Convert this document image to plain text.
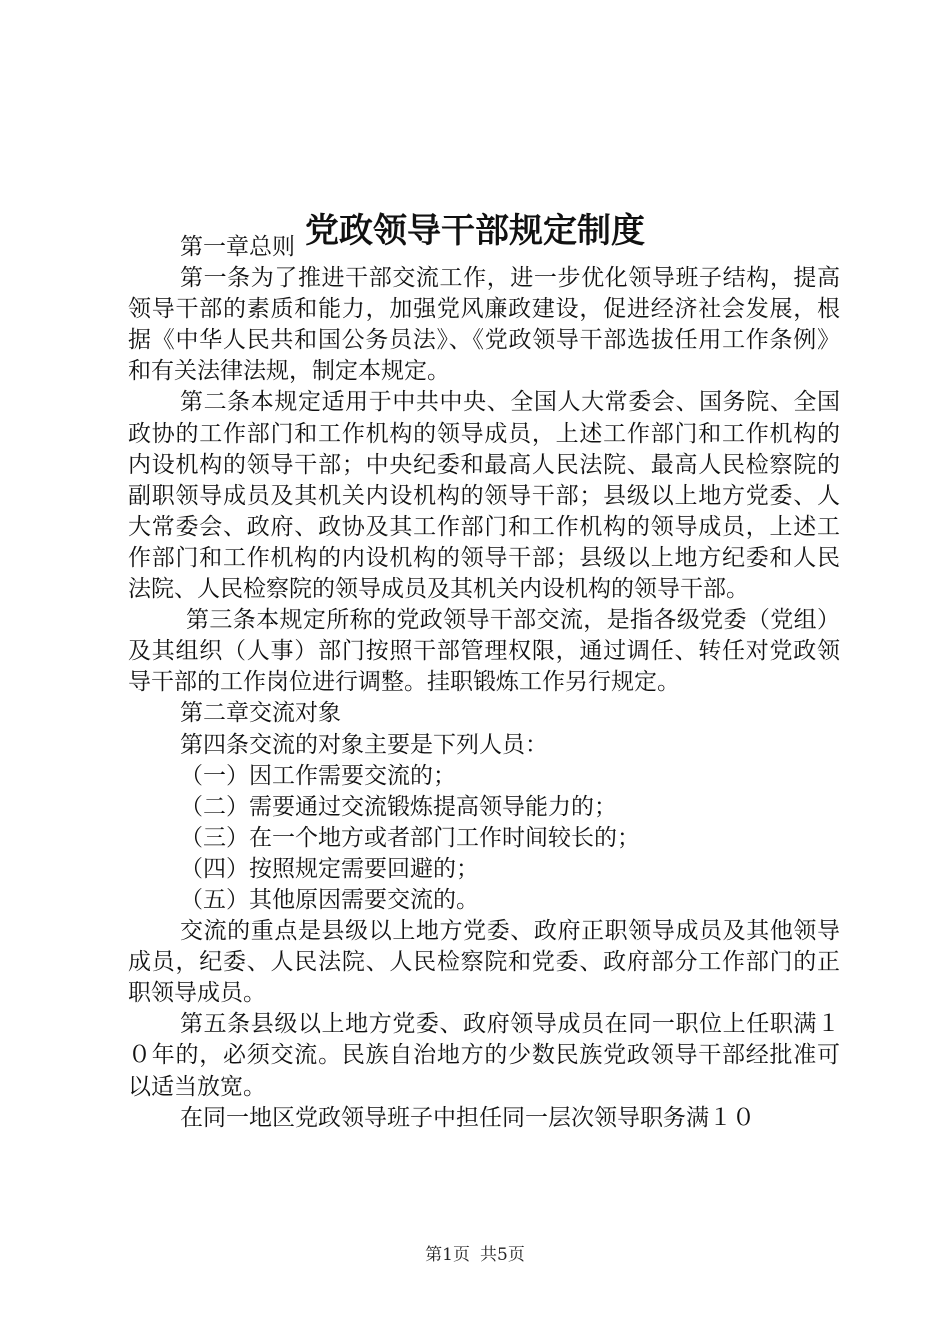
党政领导干部规定制度

第一章总则

第一条为了推进干部交流工作，进一步优化领导班子结构，提高领导干部的素质和能力，加强党风廉政建设，促进经济社会发展，根据《中华人民共和国公务员法》、《党政领导干部选拔任用工作条例》和有关法律法规，制定本规定。

第二条本规定适用于中共中央、全国人大常委会、国务院、全国政协的工作部门和工作机构的领导成员，上述工作部门和工作机构的内设机构的领导干部；中央纪委和最高人民法院、最高人民检察院的副职领导成员及其机关内设机构的领导干部；县级以上地方党委、人大常委会、政府、政协及其工作部门和工作机构的领导成员，上述工作部门和工作机构的内设机构的领导干部；县级以上地方纪委和人民法院、人民检察院的领导成员及其机关内设机构的领导干部。

第三条本规定所称的党政领导干部交流，是指各级党委（党组）及其组织（人事）部门按照干部管理权限，通过调任、转任对党政领导干部的工作岗位进行调整。挂职锻炼工作另行规定。

第二章交流对象

第四条交流的对象主要是下列人员：

（一）因工作需要交流的；

（二）需要通过交流锻炼提高领导能力的；

（三）在一个地方或者部门工作时间较长的；

（四）按照规定需要回避的；

（五）其他原因需要交流的。

交流的重点是县级以上地方党委、政府正职领导成员及其他领导成员，纪委、人民法院、人民检察院和党委、政府部分工作部门的正职领导成员。

第五条县级以上地方党委、政府领导成员在同一职位上任职满１０年的，必须交流。民族自治地方的少数民族党政领导干部经批准可以适当放宽。

在同一地区党政领导班子中担任同一层次领导职务满１０

第1页 共5页
